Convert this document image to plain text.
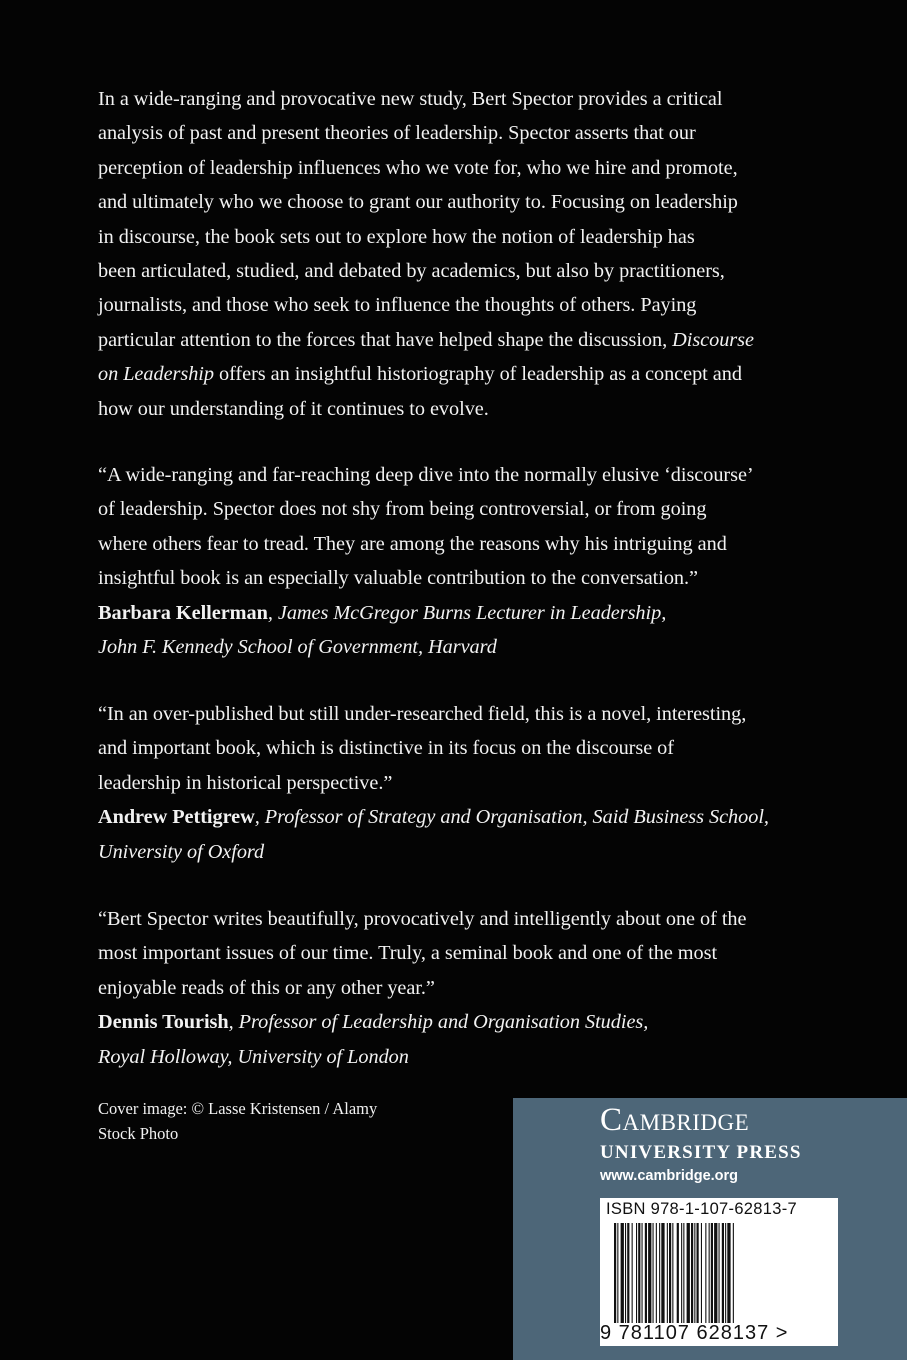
In a wide-ranging and provocative new study, Bert Spector provides a critical

analysis of past and present theories of leadership. Spector asserts that our

perception of leadership influences who we vote for, who we hire and promote,

and ultimately who we choose to grant our authority to. Focusing on leadership

in discourse, the book sets out to explore how the notion of leadership has

been articulated, studied, and debated by academics, but also by practitioners,

journalists, and those who seek to influence the thoughts of others. Paying

particular attention to the forces that have helped shape the discussion, Discourse

on Leadership offers an insightful historiography of leadership as a concept and

how our understanding of it continues to evolve.

“A wide-ranging and far-reaching deep dive into the normally elusive ‘discourse’

of leadership. Spector does not shy from being controversial, or from going

where others fear to tread. They are among the reasons why his intriguing and

insightful book is an especially valuable contribution to the conversation.”

Barbara Kellerman, James McGregor Burns Lecturer in Leadership,

John F. Kennedy School of Government, Harvard

“In an over-published but still under-researched field, this is a novel, interesting,

and important book, which is distinctive in its focus on the discourse of

leadership in historical perspective.”

Andrew Pettigrew, Professor of Strategy and Organisation, Said Business School,

University of Oxford

“Bert Spector writes beautifully, provocatively and intelligently about one of the

most important issues of our time. Truly, a seminal book and one of the most

enjoyable reads of this or any other year.”

Dennis Tourish, Professor of Leadership and Organisation Studies,

Royal Holloway, University of London

Cover image: © Lasse Kristensen / Alamy
Stock Photo	Cambridge
UNIVERSITY PRESS
www.cambridge.org
ISBN 978-1-107-62813-7
9 781107 628137 >
